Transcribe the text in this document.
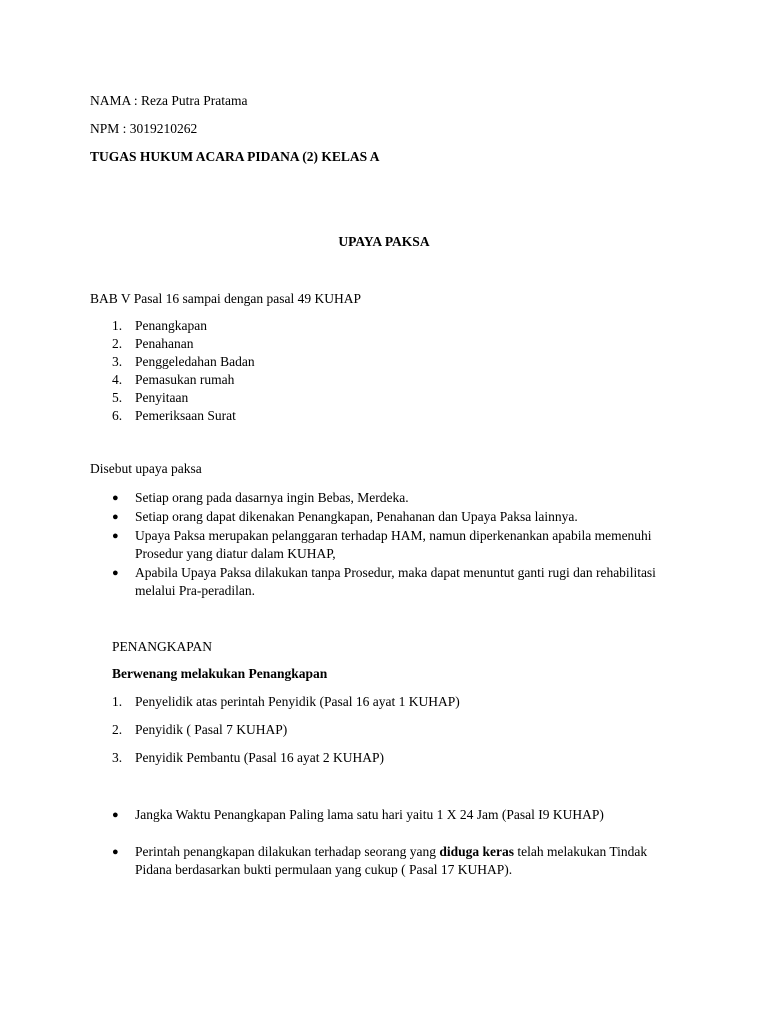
NAMA : Reza Putra Pratama
NPM : 3019210262
TUGAS HUKUM ACARA PIDANA (2) KELAS A
UPAYA PAKSA
BAB V Pasal 16 sampai dengan pasal 49 KUHAP
1. Penangkapan
2. Penahanan
3. Penggeledahan Badan
4. Pemasukan rumah
5. Penyitaan
6. Pemeriksaan Surat
Disebut upaya paksa
● Setiap orang pada dasarnya ingin Bebas, Merdeka.
● Setiap orang dapat dikenakan Penangkapan, Penahanan dan Upaya Paksa lainnya.
● Upaya Paksa merupakan pelanggaran terhadap HAM, namun diperkenankan apabila memenuhi Prosedur yang diatur dalam KUHAP,
● Apabila Upaya Paksa dilakukan tanpa Prosedur, maka dapat menuntut ganti rugi dan rehabilitasi melalui Pra-peradilan.
PENANGKAPAN
Berwenang melakukan Penangkapan
1. Penyelidik atas perintah Penyidik (Pasal 16 ayat 1 KUHAP)
2. Penyidik ( Pasal 7 KUHAP)
3. Penyidik Pembantu (Pasal 16 ayat 2 KUHAP)
●	Jangka Waktu Penangkapan Paling lama satu hari yaitu 1 X 24 Jam (Pasal I9 KUHAP)
●	Perintah penangkapan dilakukan terhadap seorang yang diduga keras telah melakukan Tindak Pidana berdasarkan bukti permulaan yang cukup ( Pasal 17 KUHAP).
